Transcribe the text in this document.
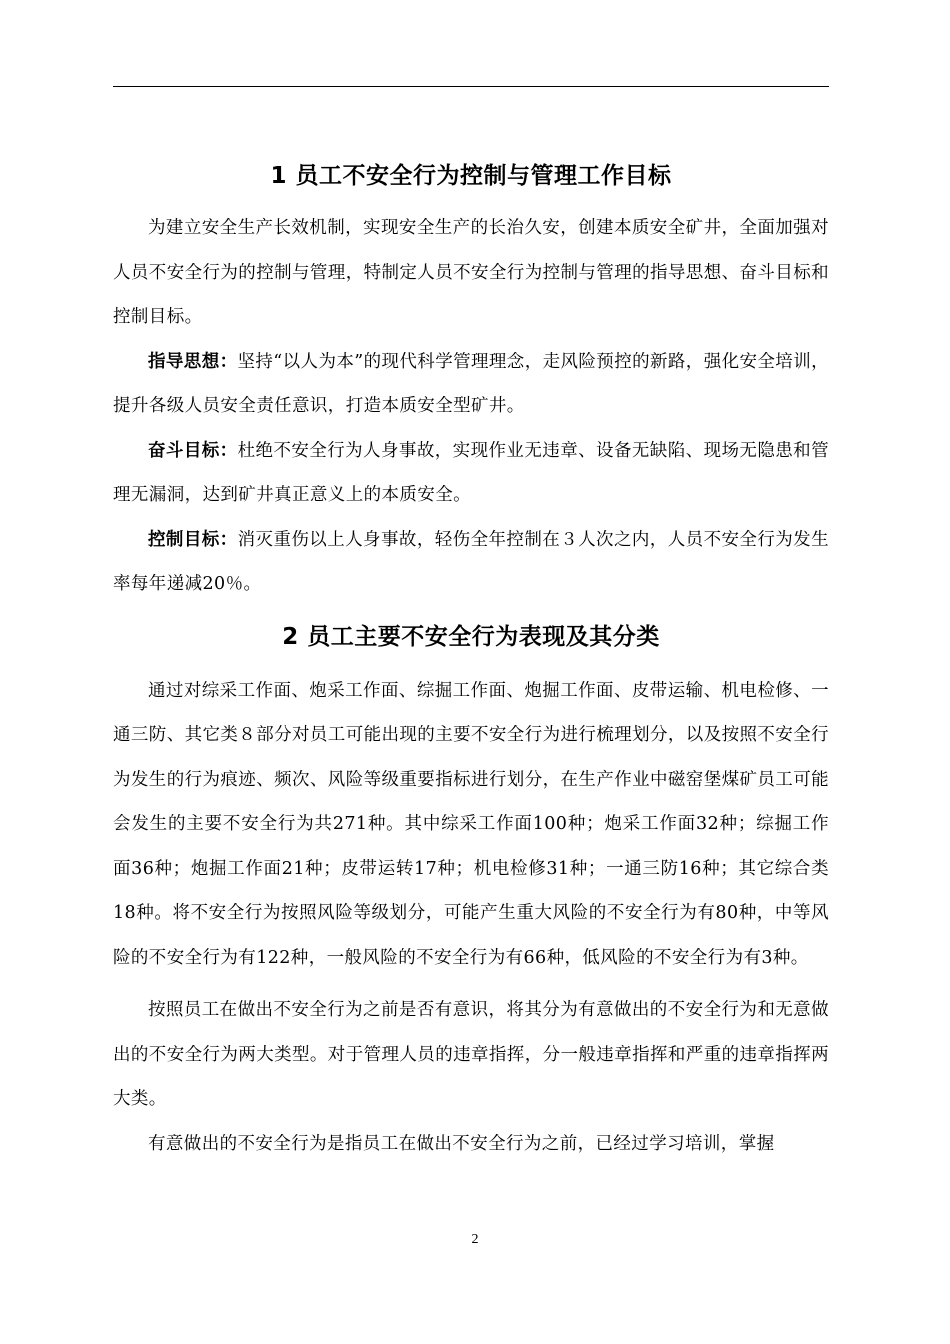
1 员工不安全行为控制与管理工作目标

为建立安全生产长效机制，实现安全生产的长治久安，创建本质安全矿井，全面加强对人员不安全行为的控制与管理，特制定人员不安全行为控制与管理的指导思想、奋斗目标和控制目标。

指导思想：坚持“以人为本”的现代科学管理理念，走风险预控的新路，强化安全培训，提升各级人员安全责任意识，打造本质安全型矿井。

奋斗目标：杜绝不安全行为人身事故，实现作业无违章、设备无缺陷、现场无隐患和管理无漏洞，达到矿井真正意义上的本质安全。

控制目标：消灭重伤以上人身事故，轻伤全年控制在３人次之内，人员不安全行为发生率每年递减20％。

2 员工主要不安全行为表现及其分类

通过对综采工作面、炮采工作面、综掘工作面、炮掘工作面、皮带运输、机电检修、一通三防、其它类８部分对员工可能出现的主要不安全行为进行梳理划分，以及按照不安全行为发生的行为痕迹、频次、风险等级重要指标进行划分，在生产作业中磁窑堡煤矿员工可能会发生的主要不安全行为共271种。其中综采工作面100种；炮采工作面32种；综掘工作面36种；炮掘工作面21种；皮带运转17种；机电检修31种；一通三防16种；其它综合类18种。将不安全行为按照风险等级划分，可能产生重大风险的不安全行为有80种，中等风险的不安全行为有122种，一般风险的不安全行为有66种，低风险的不安全行为有3种。

按照员工在做出不安全行为之前是否有意识，将其分为有意做出的不安全行为和无意做出的不安全行为两大类型。对于管理人员的违章指挥，分一般违章指挥和严重的违章指挥两大类。

有意做出的不安全行为是指员工在做出不安全行为之前，已经过学习培训，掌握

2
